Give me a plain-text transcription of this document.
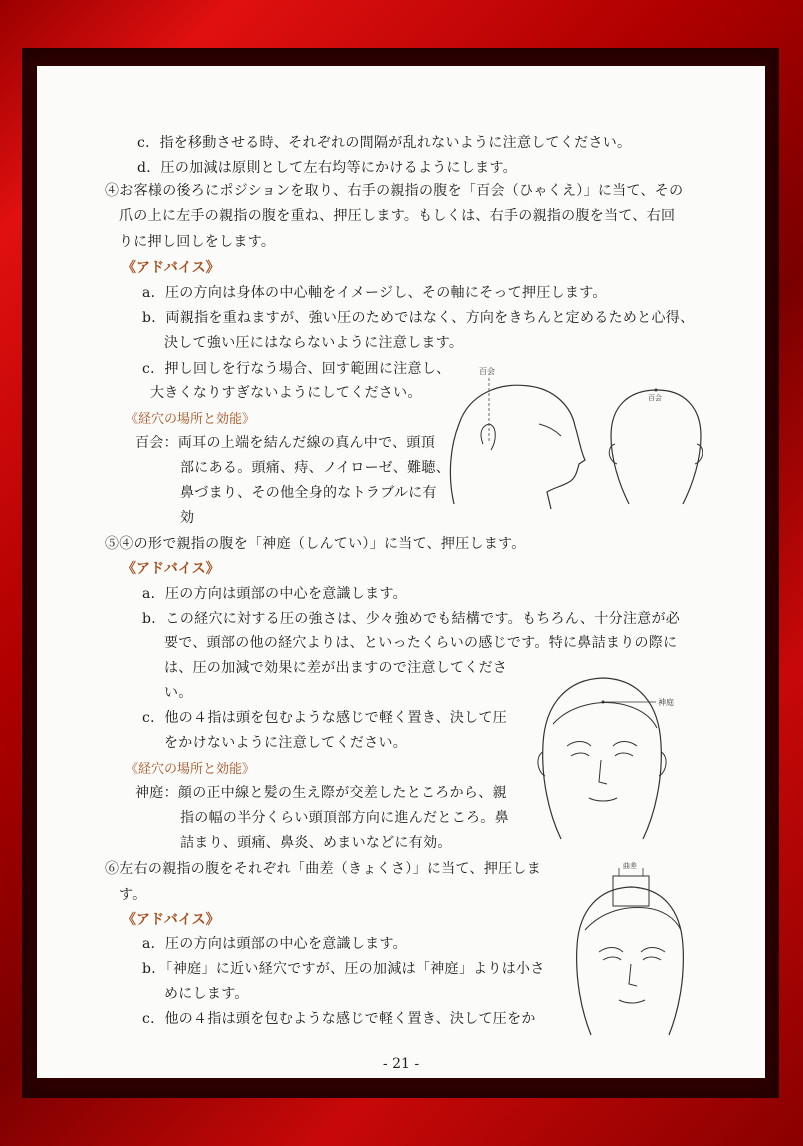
c．指を移動させる時、それぞれの間隔が乱れないように注意してください。
d．圧の加減は原則として左右均等にかけるようにします。
④お客様の後ろにポジションを取り、右手の親指の腹を「百会（ひゃくえ）」に当て、その
爪の上に左手の親指の腹を重ね、押圧します。もしくは、右手の親指の腹を当て、右回
りに押し回しをします。
《アドバイス》
a．圧の方向は身体の中心軸をイメージし、その軸にそって押圧します。
b．両親指を重ねますが、強い圧のためではなく、方向をきちんと定めるためと心得、
決して強い圧にはならないように注意します。
c．押し回しを行なう場合、回す範囲に注意し、
大きくなりすぎないようにしてください。
《経穴の場所と効能》
百会：両耳の上端を結んだ線の真ん中で、頭頂
部にある。頭痛、痔、ノイローゼ、難聴、
鼻づまり、その他全身的なトラブルに有
効
百会
百会
⑤④の形で親指の腹を「神庭（しんてい）」に当て、押圧します。
《アドバイス》
a．圧の方向は頭部の中心を意識します。
b．この経穴に対する圧の強さは、少々強めでも結構です。もちろん、十分注意が必
要で、頭部の他の経穴よりは、といったくらいの感じです。特に鼻詰まりの際に
は、圧の加減で効果に差が出ますので注意してくださ
い。
c．他の４指は頭を包むような感じで軽く置き、決して圧
をかけないように注意してください。
《経穴の場所と効能》
神庭：顔の正中線と髪の生え際が交差したところから、親
指の幅の半分くらい頭頂部方向に進んだところ。鼻
詰まり、頭痛、鼻炎、めまいなどに有効。
神庭
⑥左右の親指の腹をそれぞれ「曲差（きょくさ）」に当て、押圧しま
す。
《アドバイス》
a．圧の方向は頭部の中心を意識します。
b．「神庭」に近い経穴ですが、圧の加減は「神庭」よりは小さ
めにします。
c．他の４指は頭を包むような感じで軽く置き、決して圧をか
曲差
- 21 -
